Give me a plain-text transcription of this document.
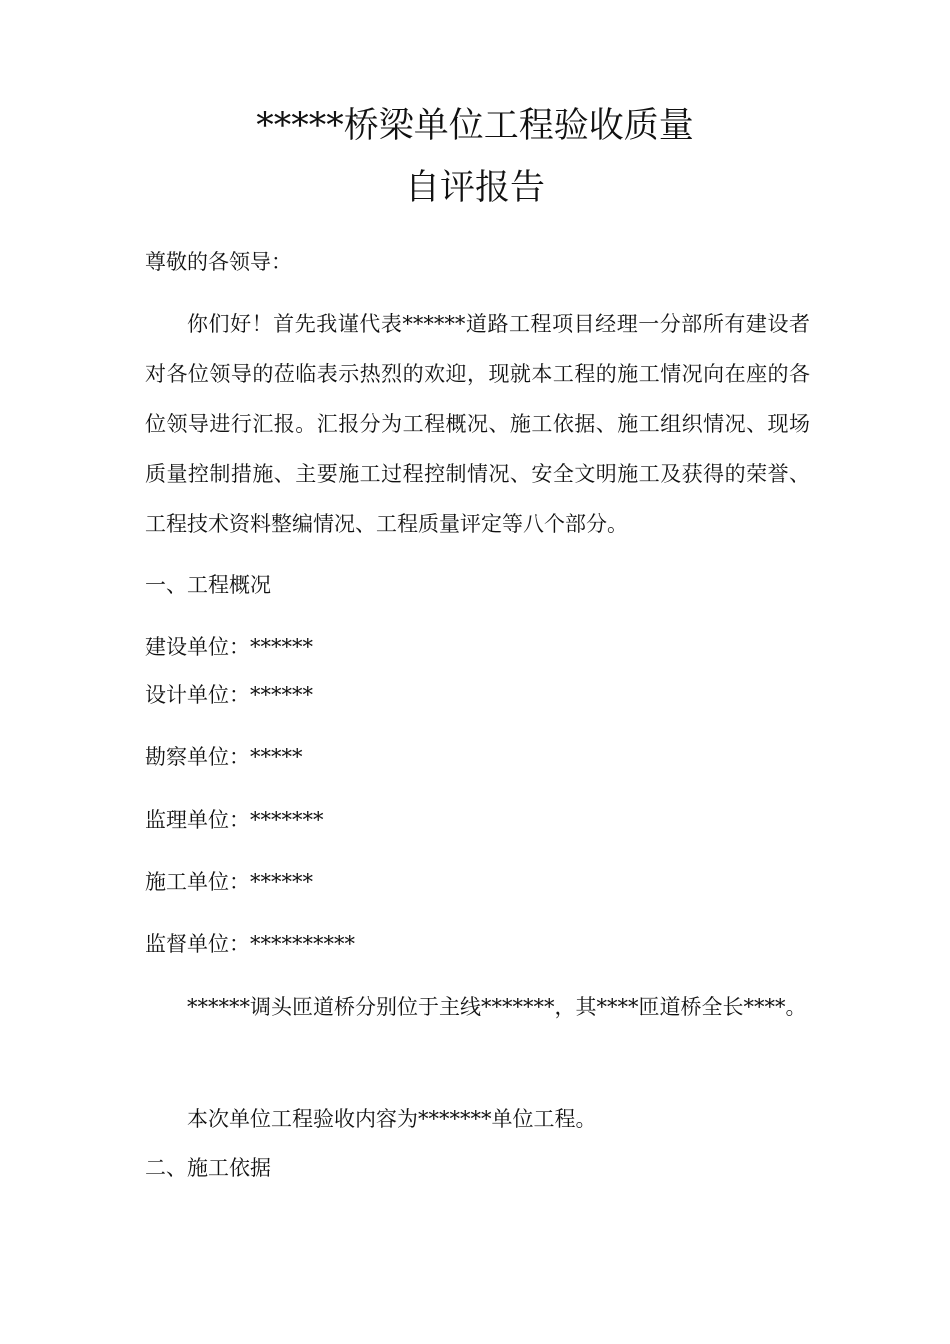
*****桥梁单位工程验收质量
自评报告
尊敬的各领导：
你们好！首先我谨代表******道路工程项目经理一分部所有建设者对各位领导的莅临表示热烈的欢迎，现就本工程的施工情况向在座的各位领导进行汇报。汇报分为工程概况、施工依据、施工组织情况、现场质量控制措施、主要施工过程控制情况、安全文明施工及获得的荣誉、工程技术资料整编情况、工程质量评定等八个部分。
一、工程概况
建设单位：******
设计单位：******
勘察单位：*****
监理单位：*******
施工单位：******
监督单位：**********
******调头匝道桥分别位于主线*******，其****匝道桥全长****。
本次单位工程验收内容为*******单位工程。
二、施工依据
